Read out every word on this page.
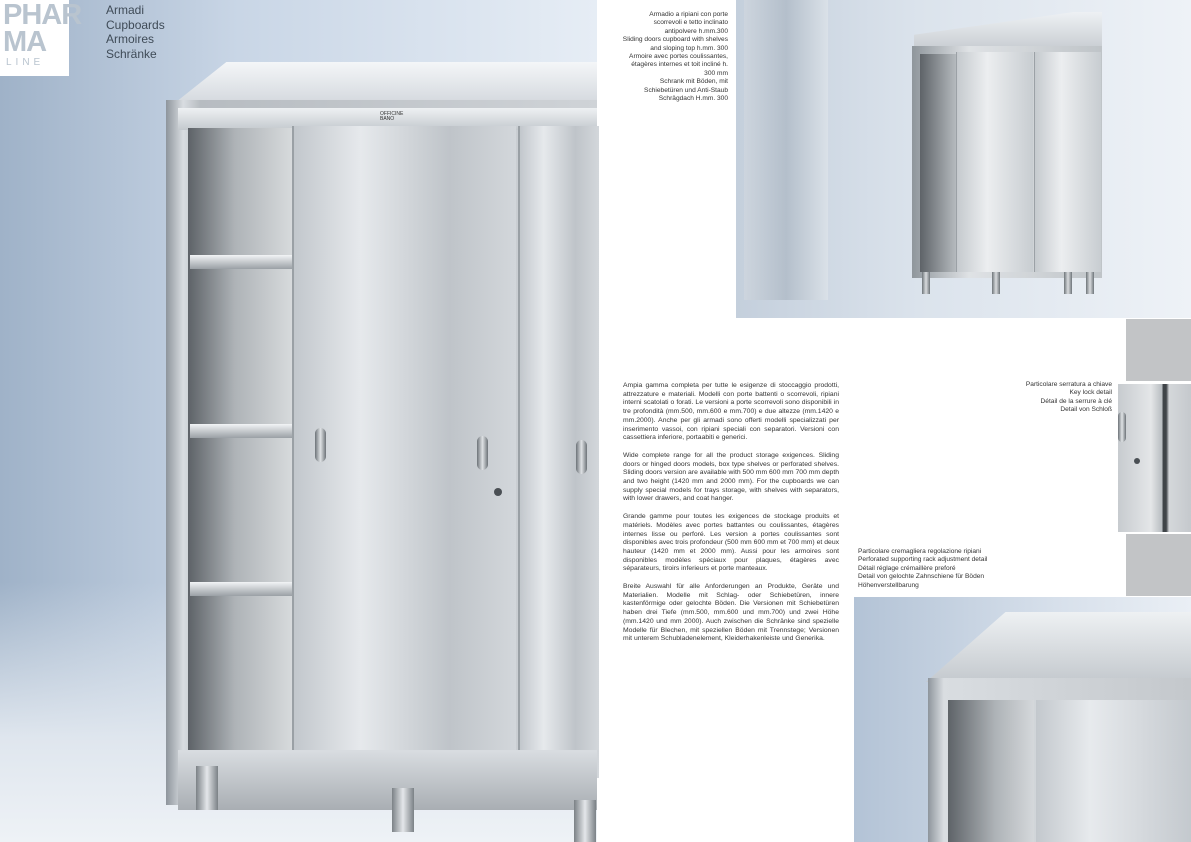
OFFICINE
BANO
PHAR
MA
LINE
Armadi
Cupboards
Armoires
Schränke
Armadio a ripiani con porte scorrevoli e tetto inclinato antipolvere h.mm.300
Sliding doors cupboard with shelves and sloping top h.mm. 300
Armoire avec portes coulissantes, étagères internes et toit incliné h. 300 mm
Schrank mit Böden, mit Schiebetüren und Anti-Staub Schrägdach H.mm. 300

Ampia gamma completa per tutte le esigenze di stoccaggio prodotti, attrezzature e materiali. Modelli con porte battenti o scorrevoli, ripiani interni scatolati o forati. Le versioni a porte scorrevoli sono disponibili in tre profondità (mm.500, mm.600 e mm.700) e due altezze (mm.1420 e mm.2000). Anche per gli armadi sono offerti modelli specializzati per inserimento vassoi, con ripiani speciali con separatori. Versioni con cassettiera inferiore, portaabiti e generici.

Wide complete range for all the product storage exigences. Sliding doors or hinged doors models, box type shelves or perforated shelves. Sliding doors version are available with 500 mm 600 mm 700 mm depth and two height (1420 mm and 2000 mm). For the cupboards we can supply special models for trays storage, with shelves with separators, with lower drawers, and coat hanger.

Grande gamme pour toutes les exigences de stockage produits et matériels. Modèles avec portes battantes ou coulissantes, étagères internes lisse ou perforé. Les version a portes coulissantes sont disponibles avec trois profondeur (500 mm 600 mm et 700 mm) et deux hauteur (1420 mm et 2000 mm). Aussi pour les armoires sont disponibles modèles spéciaux pour plaques, étagères avec séparateurs, tiroirs inferieurs et porte manteaux.

Breite Auswahl für alle Anforderungen an Produkte, Geräte und Materialien. Modelle mit Schlag- oder Schiebetüren, innere kastenförmige oder gelochte Böden. Die Versionen mit Schiebetüren haben drei Tiefe (mm.500, mm.600 und mm.700) und zwei Höhe (mm.1420 und mm 2000). Auch zwischen die Schränke sind spezielle Modelle für Blechen, mit speziellen Böden mit Trennstege; Versionen mit unterem Schubladenelement, Kleiderhakenleiste und Generika.

Particolare serratura a chiave
Key lock detail
Détail de la serrure à clé
Detail von Schloß
Particolare cremagliera regolazione ripiani
Perforated supporting rack adjustment detail
Détail réglage crémaillère preforé
Detail von gelochte Zahnschiene für Böden
Höhenverstellbarung
